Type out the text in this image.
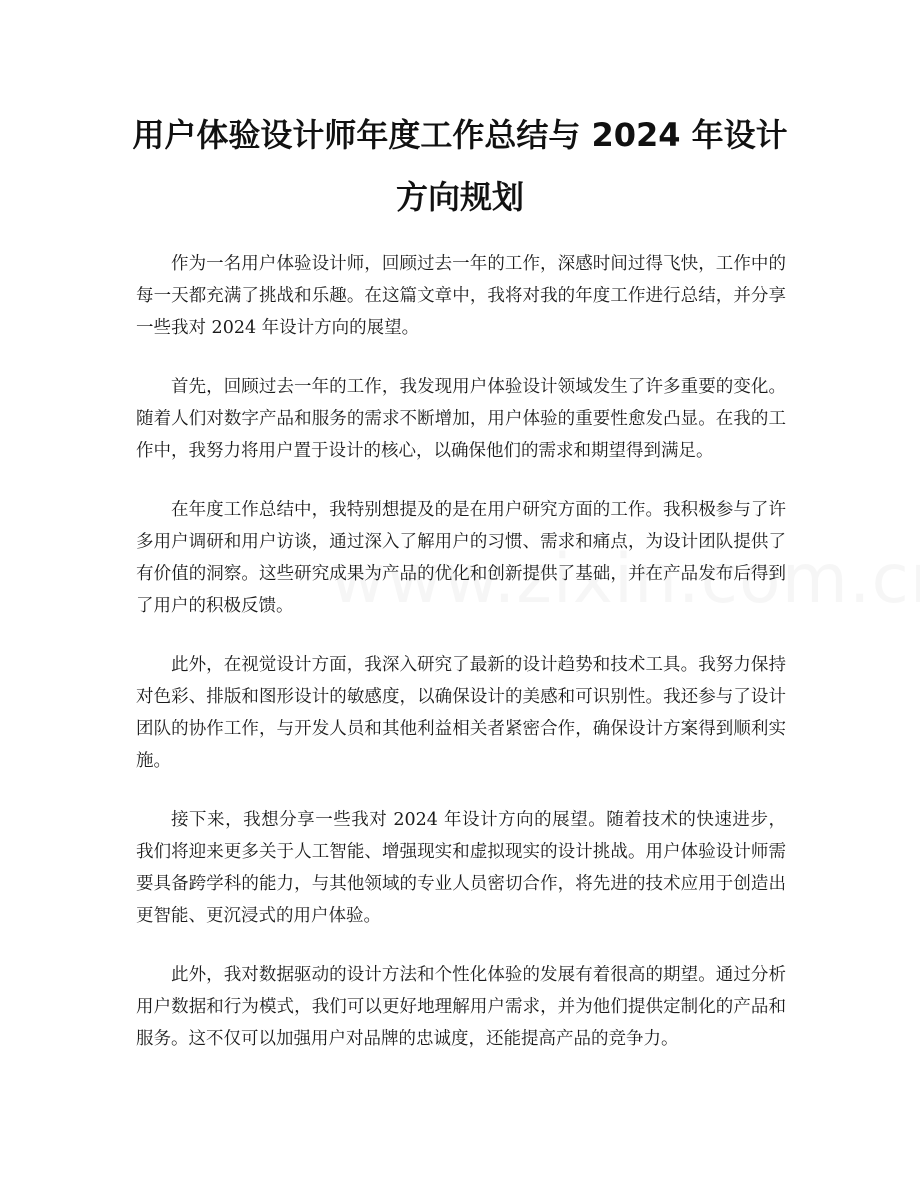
用户体验设计师年度工作总结与 2024 年设计方向规划

作为一名用户体验设计师，回顾过去一年的工作，深感时间过得飞快，工作中的每一天都充满了挑战和乐趣。在这篇文章中，我将对我的年度工作进行总结，并分享一些我对 2024 年设计方向的展望。

首先，回顾过去一年的工作，我发现用户体验设计领域发生了许多重要的变化。随着人们对数字产品和服务的需求不断增加，用户体验的重要性愈发凸显。在我的工作中，我努力将用户置于设计的核心，以确保他们的需求和期望得到满足。

在年度工作总结中，我特别想提及的是在用户研究方面的工作。我积极参与了许多用户调研和用户访谈，通过深入了解用户的习惯、需求和痛点，为设计团队提供了有价值的洞察。这些研究成果为产品的优化和创新提供了基础，并在产品发布后得到了用户的积极反馈。

此外，在视觉设计方面，我深入研究了最新的设计趋势和技术工具。我努力保持对色彩、排版和图形设计的敏感度，以确保设计的美感和可识别性。我还参与了设计团队的协作工作，与开发人员和其他利益相关者紧密合作，确保设计方案得到顺利实施。

接下来，我想分享一些我对 2024 年设计方向的展望。随着技术的快速进步，我们将迎来更多关于人工智能、增强现实和虚拟现实的设计挑战。用户体验设计师需要具备跨学科的能力，与其他领域的专业人员密切合作，将先进的技术应用于创造出更智能、更沉浸式的用户体验。

此外，我对数据驱动的设计方法和个性化体验的发展有着很高的期望。通过分析用户数据和行为模式，我们可以更好地理解用户需求，并为他们提供定制化的产品和服务。这不仅可以加强用户对品牌的忠诚度，还能提高产品的竞争力。
